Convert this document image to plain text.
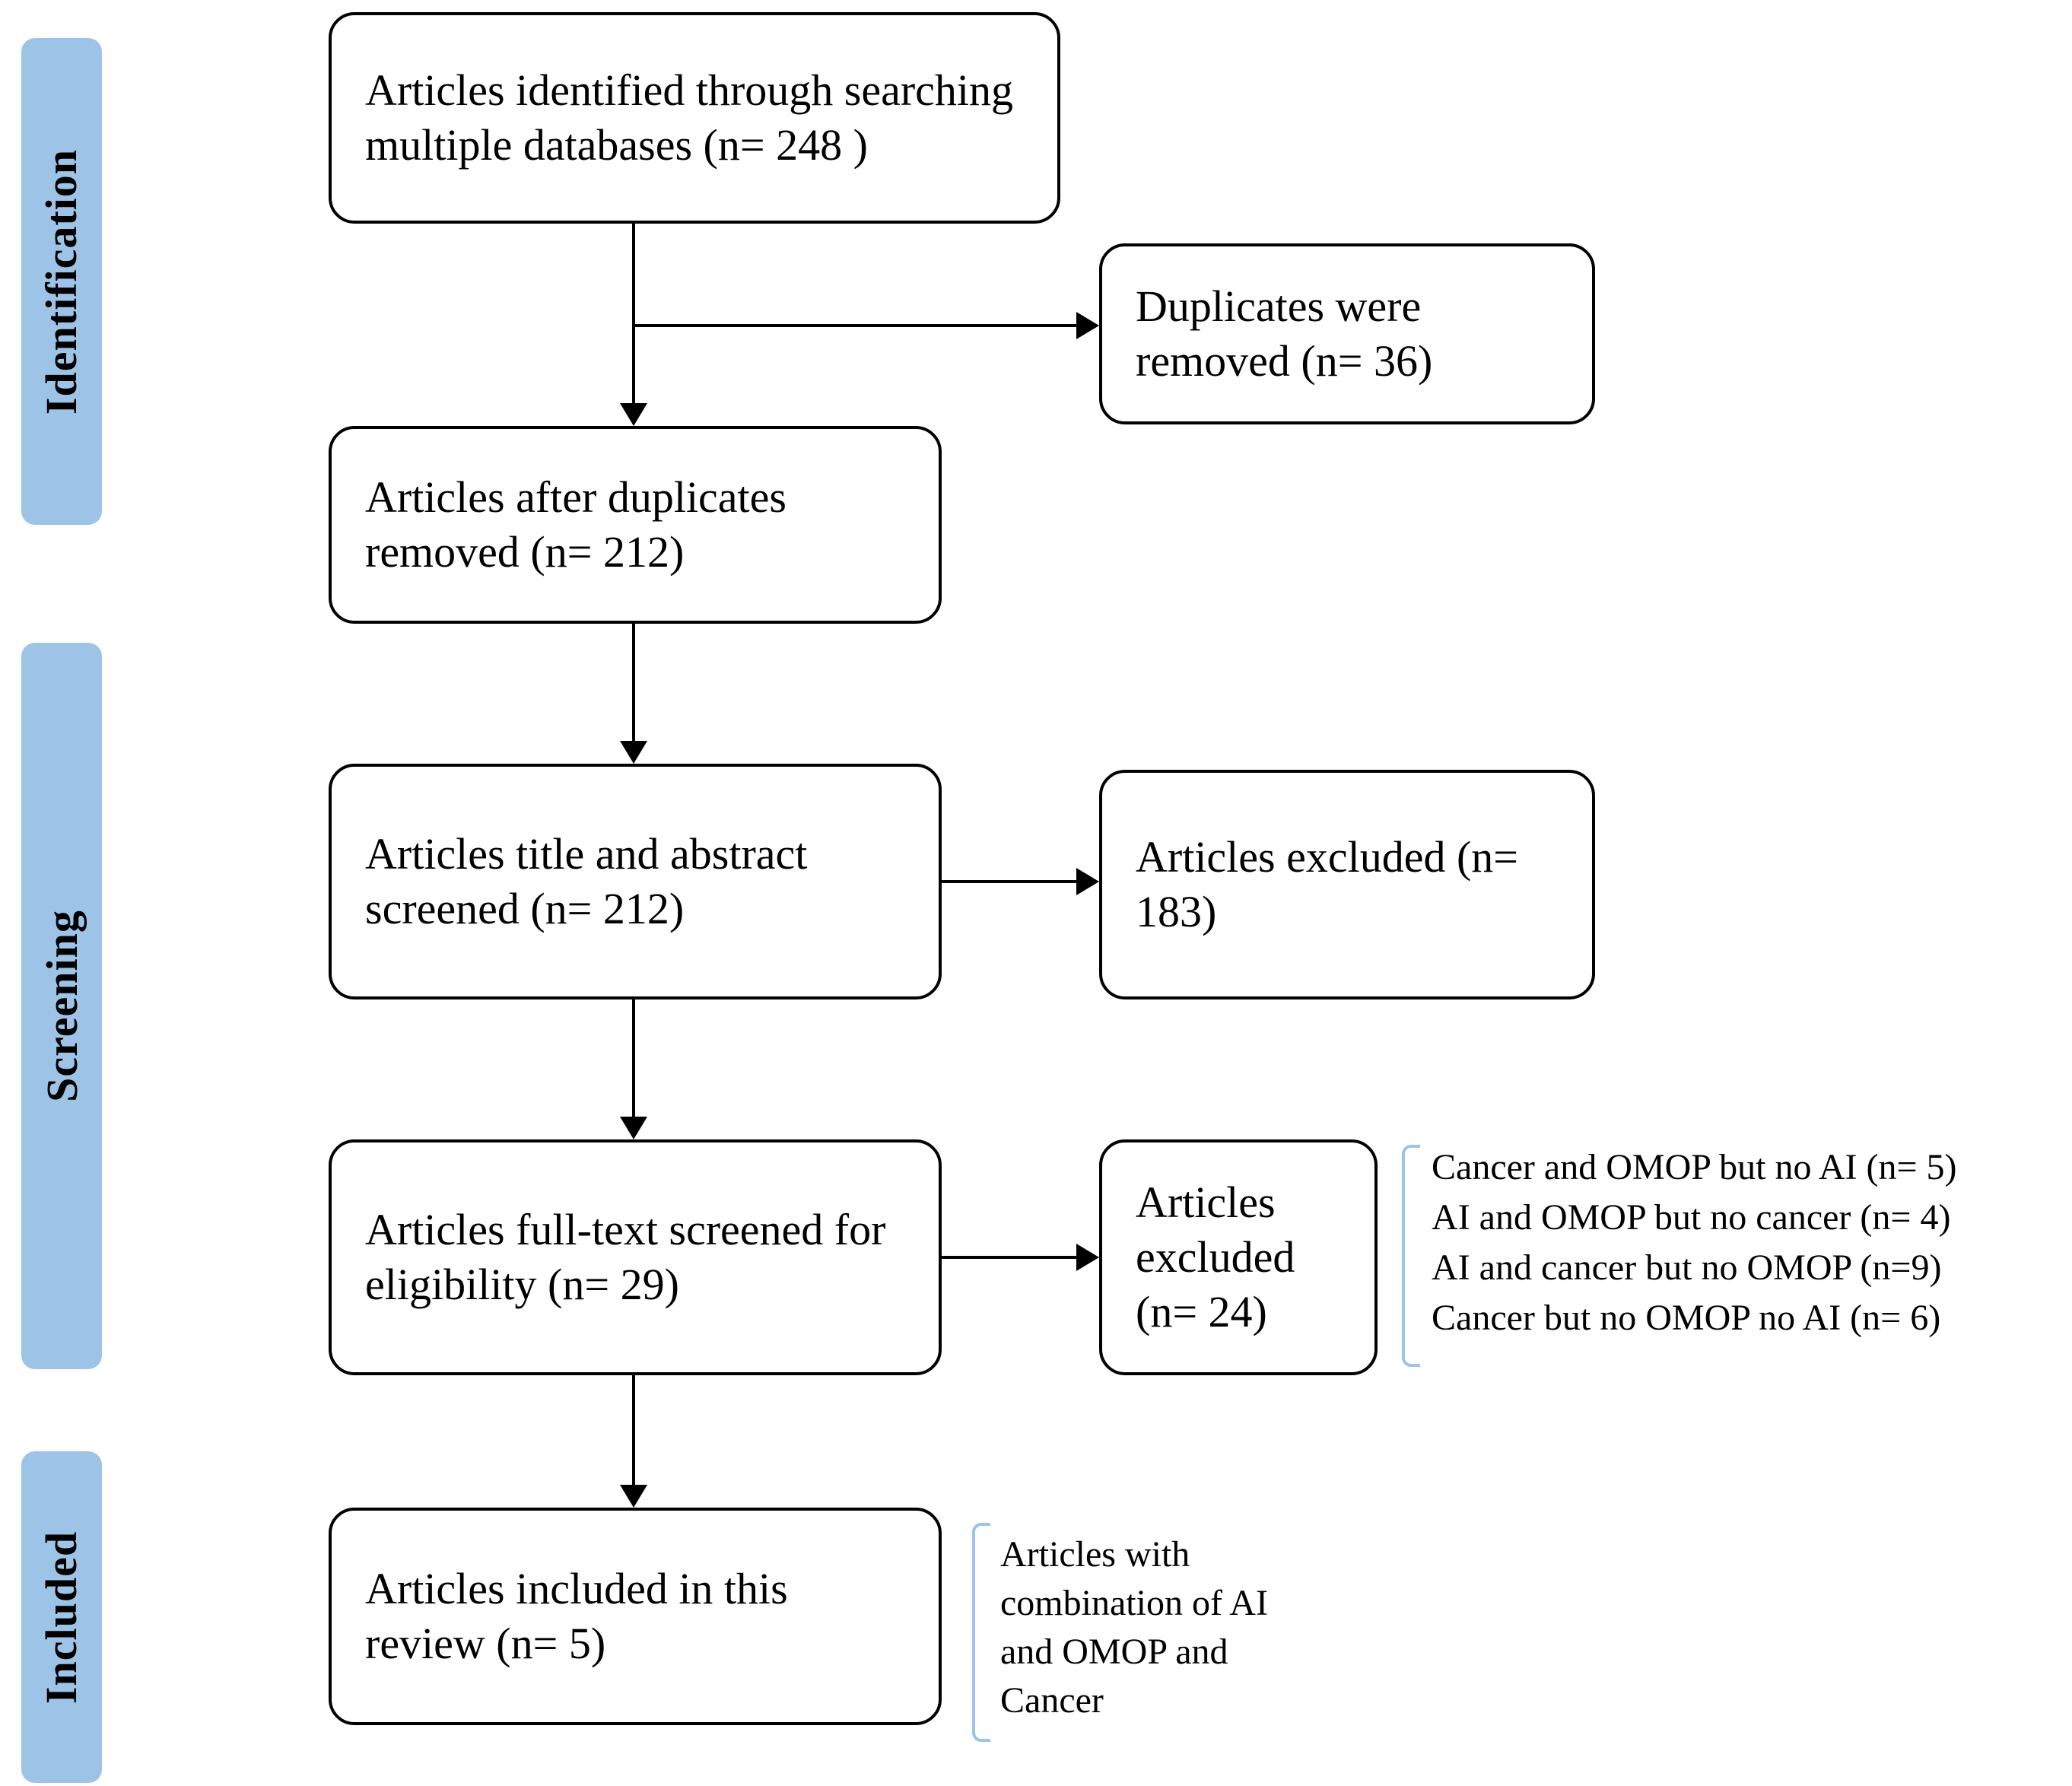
Identification
Screening
Included
Articles identified through searching multiple databases (n= 248 )
Duplicates were removed (n= 36)
Articles after duplicates removed (n= 212)
Articles title and abstract screened (n= 212)
Articles excluded (n= 183)
Articles full-text screened for eligibility (n= 29)
Articles excluded (n= 24)
Articles included in this review (n= 5)
Cancer and OMOP but no AI (n= 5)
AI and OMOP but no cancer (n= 4)
AI and cancer but no OMOP (n=9)
Cancer but no OMOP no AI (n= 6)
Articles with combination of AI and OMOP and Cancer
